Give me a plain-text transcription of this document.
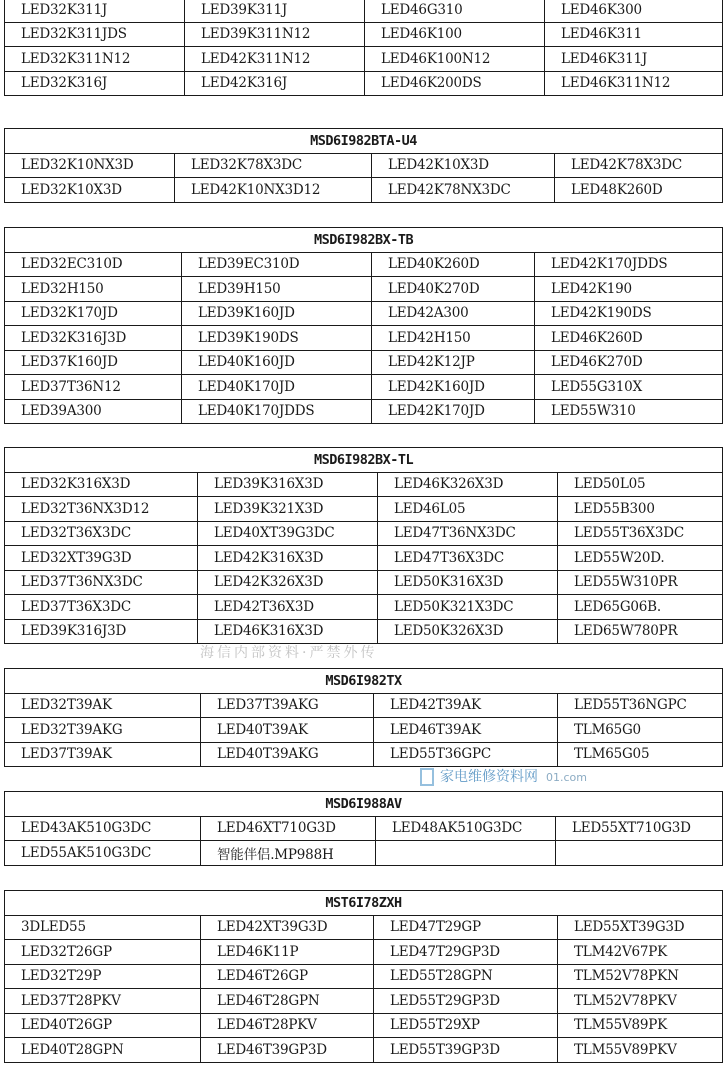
LED32K311J	LED39K311J	LED46G310	LED46K300
LED32K311JDS	LED39K311N12	LED46K100	LED46K311
LED32K311N12	LED42K311N12	LED46K100N12	LED46K311J
LED32K316J	LED42K316J	LED46K200DS	LED46K311N12
MSD6I982BTA-U4			
LED32K10NX3D	LED32K78X3DC	LED42K10X3D	LED42K78X3DC
LED32K10X3D	LED42K10NX3D12	LED42K78NX3DC	LED48K260D
MSD6I982BX-TB			
LED32EC310D	LED39EC310D	LED40K260D	LED42K170JDDS
LED32H150	LED39H150	LED40K270D	LED42K190
LED32K170JD	LED39K160JD	LED42A300	LED42K190DS
LED32K316J3D	LED39K190DS	LED42H150	LED46K260D
LED37K160JD	LED40K160JD	LED42K12JP	LED46K270D
LED37T36N12	LED40K170JD	LED42K160JD	LED55G310X
LED39A300	LED40K170JDDS	LED42K170JD	LED55W310
MSD6I982BX-TL			
LED32K316X3D	LED39K316X3D	LED46K326X3D	LED50L05
LED32T36NX3D12	LED39K321X3D	LED46L05	LED55B300
LED32T36X3DC	LED40XT39G3DC	LED47T36NX3DC	LED55T36X3DC
LED32XT39G3D	LED42K316X3D	LED47T36X3DC	LED55W20D.
LED37T36NX3DC	LED42K326X3D	LED50K316X3D	LED55W310PR
LED37T36X3DC	LED42T36X3D	LED50K321X3DC	LED65G06B.
LED39K316J3D	LED46K316X3D	LED50K326X3D	LED65W780PR
MSD6I982TX			
LED32T39AK	LED37T39AKG	LED42T39AK	LED55T36NGPC
LED32T39AKG	LED40T39AK	LED46T39AK	TLM65G0
LED37T39AK	LED40T39AKG	LED55T36GPC	TLM65G05
MSD6I988AV			
LED43AK510G3DC	LED46XT710G3D	LED48AK510G3DC	LED55XT710G3D
LED55AK510G3DC	智能伴侣.MP988H		
MST6I78ZXH			
3DLED55	LED42XT39G3D	LED47T29GP	LED55XT39G3D
LED32T26GP	LED46K11P	LED47T29GP3D	TLM42V67PK
LED32T29P	LED46T26GP	LED55T28GPN	TLM52V78PKN
LED37T28PKV	LED46T28GPN	LED55T29GP3D	TLM52V78PKV
LED40T26GP	LED46T28PKV	LED55T29XP	TLM55V89PK
LED40T28GPN	LED46T39GP3D	LED55T39GP3D	TLM55V89PKV
海信内部资料·严禁外传
家电维修资料网 01.com
